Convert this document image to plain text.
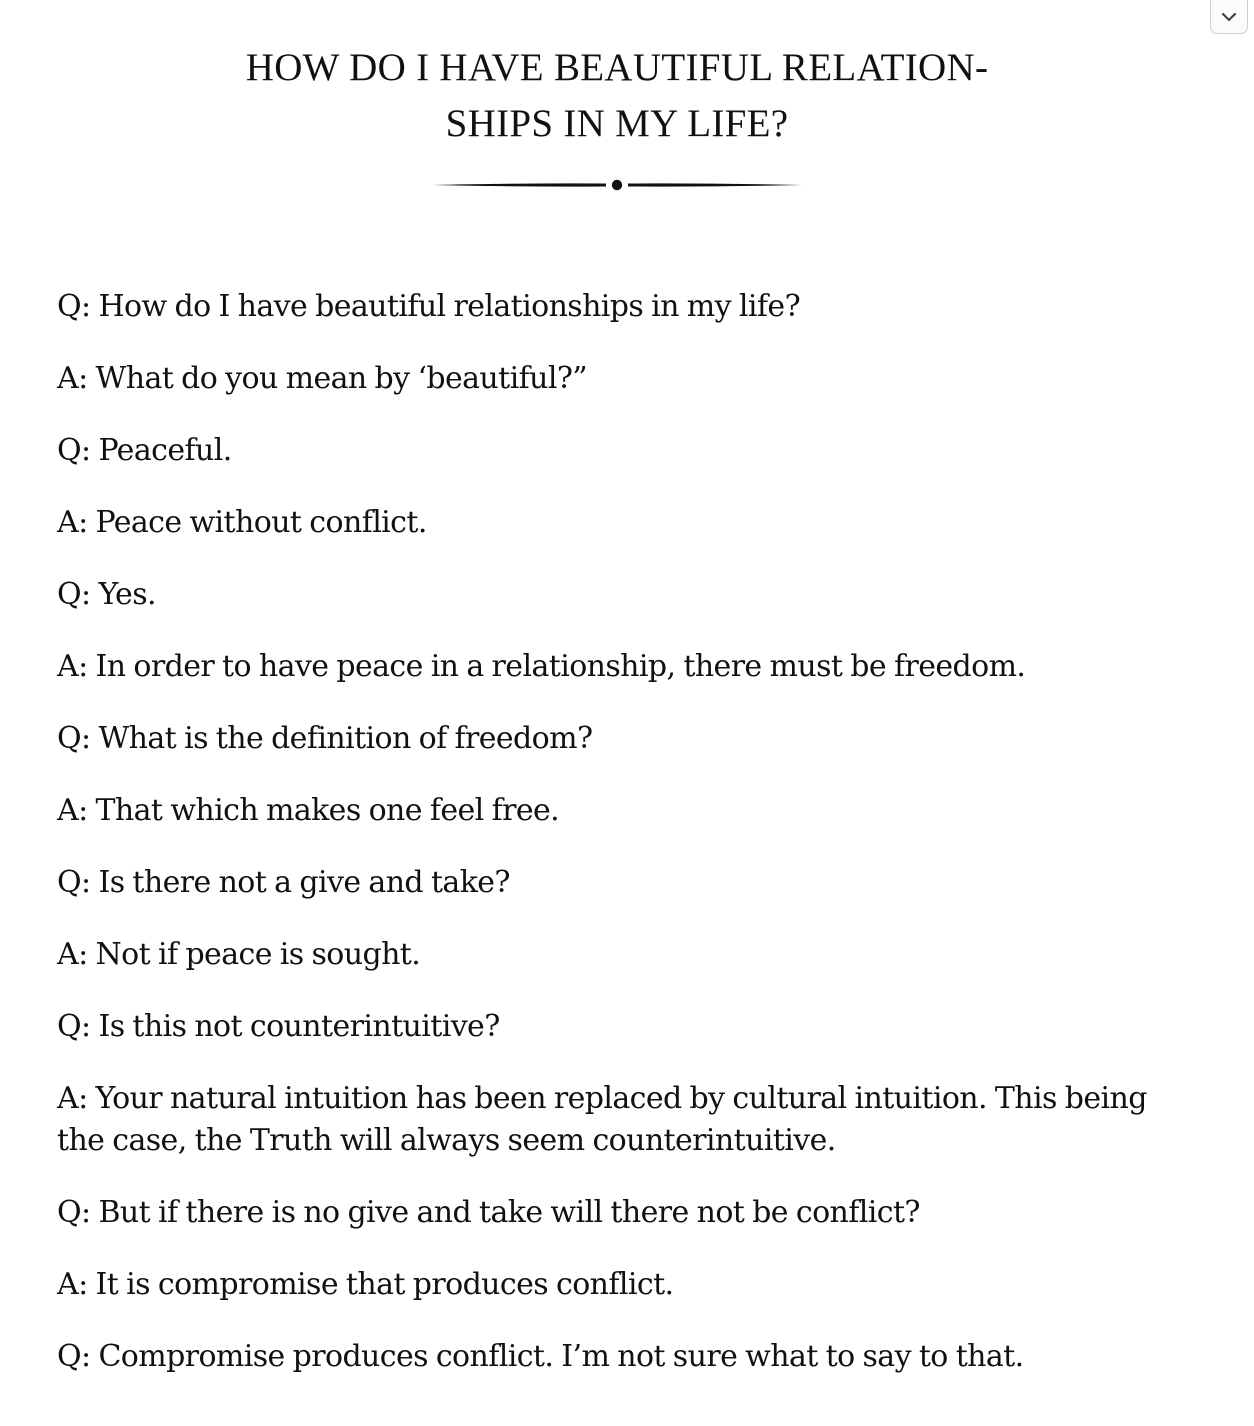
HOW DO I HAVE BEAUTIFUL RELATION-
SHIPS IN MY LIFE?
Q: How do I have beautiful relationships in my life?
A: What do you mean by ‘beautiful?”
Q: Peaceful.
A: Peace without conflict.
Q: Yes.
A: In order to have peace in a relationship, there must be freedom.
Q: What is the definition of freedom?
A: That which makes one feel free.
Q: Is there not a give and take?
A: Not if peace is sought.
Q: Is this not counterintuitive?
A: Your natural intuition has been replaced by cultural intuition. This being the case, the Truth will always seem counterintuitive.
Q: But if there is no give and take will there not be conflict?
A: It is compromise that produces conflict.
Q: Compromise produces conflict. I’m not sure what to say to that.
